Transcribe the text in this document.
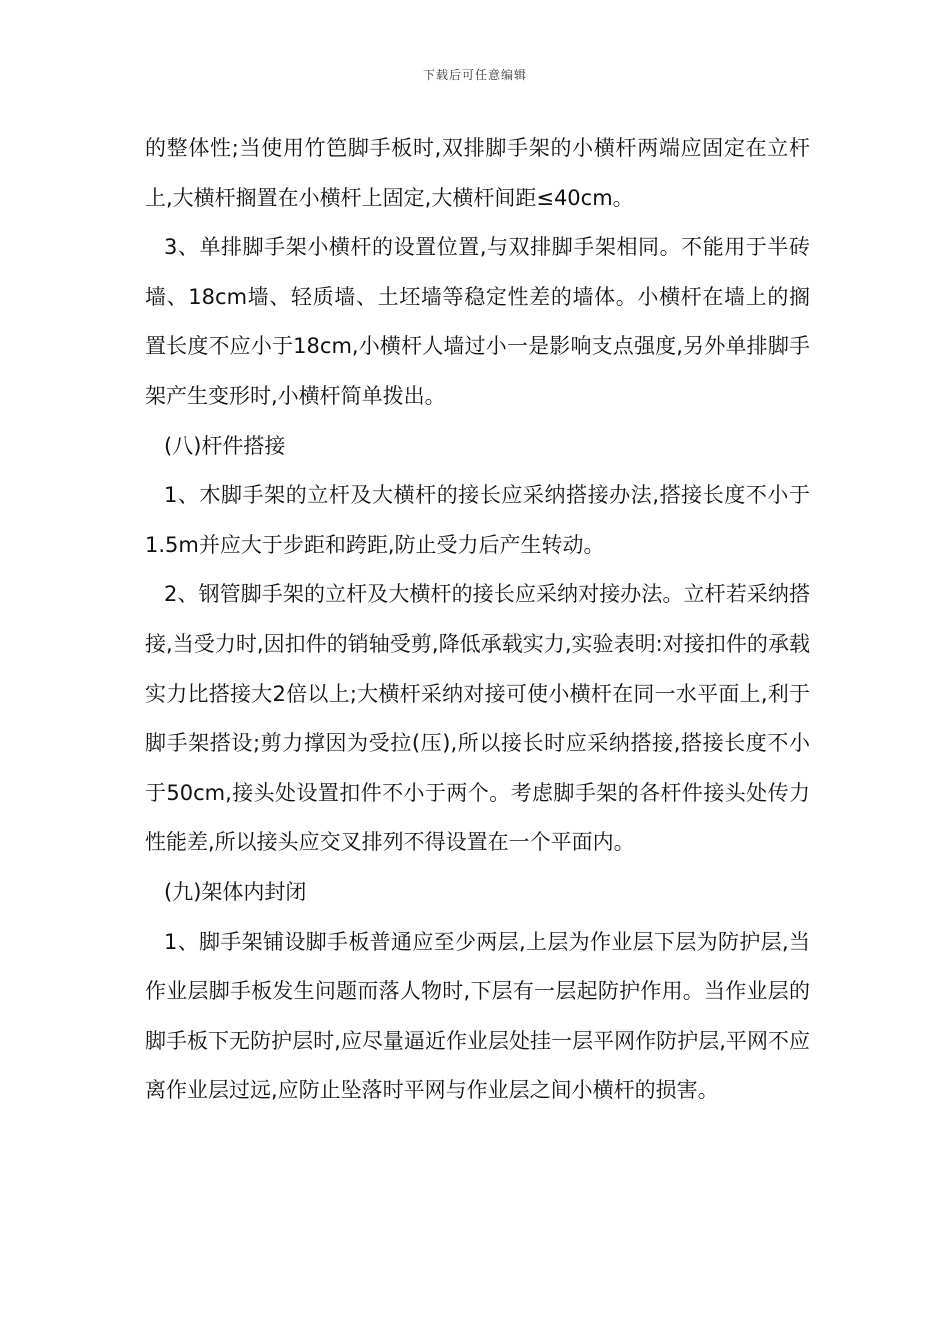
下载后可任意编辑

的整体性;当使用竹笆脚手板时,双排脚手架的小横杆两端应固定在立杆上,大横杆搁置在小横杆上固定,大横杆间距≤40cm。

3、单排脚手架小横杆的设置位置,与双排脚手架相同。不能用于半砖墙、18cm墙、轻质墙、土坯墙等稳定性差的墙体。小横杆在墙上的搁置长度不应小于18cm,小横杆人墙过小一是影响支点强度,另外单排脚手架产生变形时,小横杆简单拨出。

(八)杆件搭接

1、木脚手架的立杆及大横杆的接长应采纳搭接办法,搭接长度不小于1.5m并应大于步距和跨距,防止受力后产生转动。

2、钢管脚手架的立杆及大横杆的接长应采纳对接办法。立杆若采纳搭接,当受力时,因扣件的销轴受剪,降低承载实力,实验表明:对接扣件的承载实力比搭接大2倍以上;大横杆采纳对接可使小横杆在同一水平面上,利于脚手架搭设;剪力撑因为受拉(压),所以接长时应采纳搭接,搭接长度不小于50cm,接头处设置扣件不小于两个。考虑脚手架的各杆件接头处传力性能差,所以接头应交叉排列不得设置在一个平面内。

(九)架体内封闭

1、脚手架铺设脚手板普通应至少两层,上层为作业层下层为防护层,当作业层脚手板发生问题而落人物时,下层有一层起防护作用。当作业层的脚手板下无防护层时,应尽量逼近作业层处挂一层平网作防护层,平网不应离作业层过远,应防止坠落时平网与作业层之间小横杆的损害。
